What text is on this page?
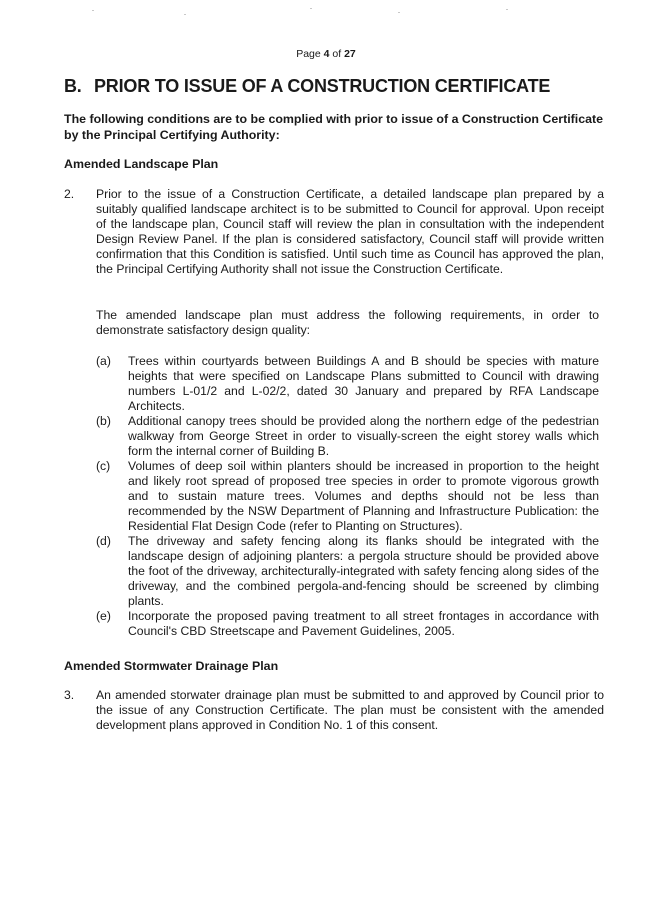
Page 4 of 27
B. PRIOR TO ISSUE OF A CONSTRUCTION CERTIFICATE
The following conditions are to be complied with prior to issue of a Construction Certificate by the Principal Certifying Authority:
Amended Landscape Plan
2. Prior to the issue of a Construction Certificate, a detailed landscape plan prepared by a suitably qualified landscape architect is to be submitted to Council for approval. Upon receipt of the landscape plan, Council staff will review the plan in consultation with the independent Design Review Panel. If the plan is considered satisfactory, Council staff will provide written confirmation that this Condition is satisfied. Until such time as Council has approved the plan, the Principal Certifying Authority shall not issue the Construction Certificate.
The amended landscape plan must address the following requirements, in order to demonstrate satisfactory design quality:
(a) Trees within courtyards between Buildings A and B should be species with mature heights that were specified on Landscape Plans submitted to Council with drawing numbers L-01/2 and L-02/2, dated 30 January and prepared by RFA Landscape Architects.
(b) Additional canopy trees should be provided along the northern edge of the pedestrian walkway from George Street in order to visually-screen the eight storey walls which form the internal corner of Building B.
(c) Volumes of deep soil within planters should be increased in proportion to the height and likely root spread of proposed tree species in order to promote vigorous growth and to sustain mature trees. Volumes and depths should not be less than recommended by the NSW Department of Planning and Infrastructure Publication: the Residential Flat Design Code (refer to Planting on Structures).
(d) The driveway and safety fencing along its flanks should be integrated with the landscape design of adjoining planters: a pergola structure should be provided above the foot of the driveway, architecturally-integrated with safety fencing along sides of the driveway, and the combined pergola-and-fencing should be screened by climbing plants.
(e) Incorporate the proposed paving treatment to all street frontages in accordance with Council's CBD Streetscape and Pavement Guidelines, 2005.
Amended Stormwater Drainage Plan
3. An amended storwater drainage plan must be submitted to and approved by Council prior to the issue of any Construction Certificate. The plan must be consistent with the amended development plans approved in Condition No. 1 of this consent.
